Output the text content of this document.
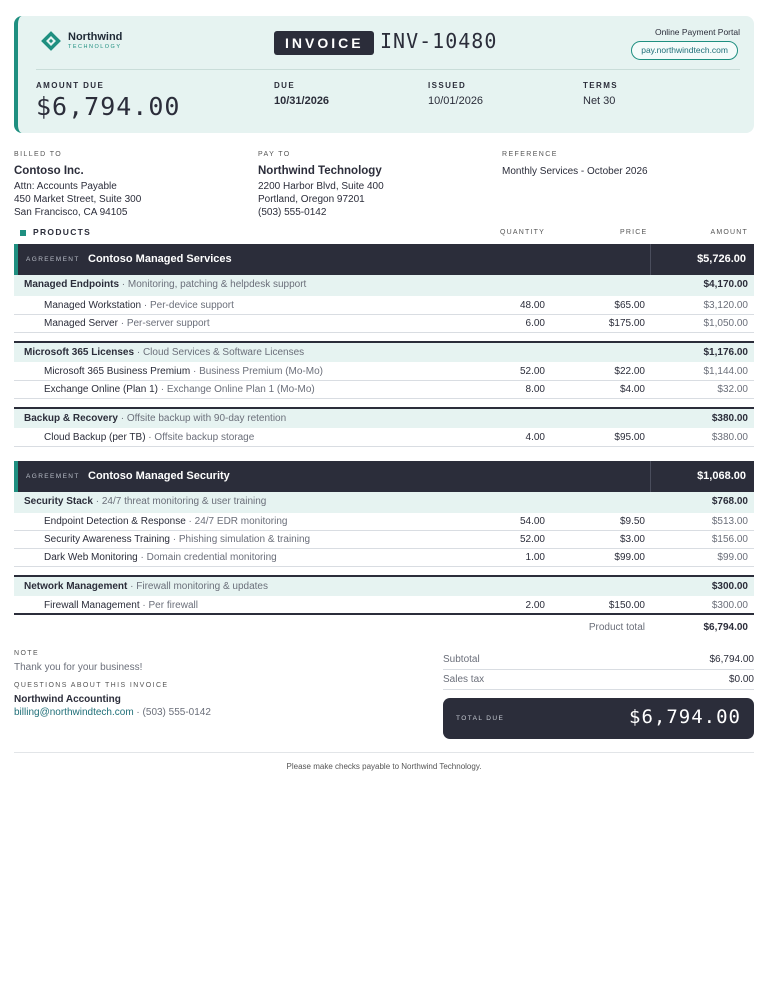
Northwind
TECHNOLOGY	INVOICE INV-10480	Online Payment Portal
pay.northwindtech.com
AMOUNT DUE
$6,794.00
DUE
10/31/2026
ISSUED
10/01/2026
TERMS
Net 30
BILLED TO
Contoso Inc.
Attn: Accounts Payable
450 Market Street, Suite 300
San Francisco, CA 94105
PAY TO
Northwind Technology
2200 Harbor Blvd, Suite 400
Portland, Oregon 97201
(503) 555-0142
REFERENCE
Monthly Services - October 2026
PRODUCTS	QUANTITY	PRICE	AMOUNT
AGREEMENT Contoso Managed Services	$5,726.00
Managed Endpoints · Monitoring, patching & helpdesk support	$4,170.00
Managed Workstation · Per-device support	48.00	$65.00	$3,120.00
Managed Server · Per-server support	6.00	$175.00	$1,050.00
Microsoft 365 Licenses · Cloud Services & Software Licenses	$1,176.00
Microsoft 365 Business Premium · Business Premium (Mo-Mo)	52.00	$22.00	$1,144.00
Exchange Online (Plan 1) · Exchange Online Plan 1 (Mo-Mo)	8.00	$4.00	$32.00
Backup & Recovery · Offsite backup with 90-day retention	$380.00
Cloud Backup (per TB) · Offsite backup storage	4.00	$95.00	$380.00
AGREEMENT Contoso Managed Security	$1,068.00
Security Stack · 24/7 threat monitoring & user training	$768.00
Endpoint Detection & Response · 24/7 EDR monitoring	54.00	$9.50	$513.00
Security Awareness Training · Phishing simulation & training	52.00	$3.00	$156.00
Dark Web Monitoring · Domain credential monitoring	1.00	$99.00	$99.00
Network Management · Firewall monitoring & updates	$300.00
Firewall Management · Per firewall	2.00	$150.00	$300.00
Product total	$6,794.00
NOTE
Thank you for your business!
QUESTIONS ABOUT THIS INVOICE
Northwind Accounting
billing@northwindtech.com · (503) 555-0142
Subtotal	$6,794.00
Sales tax	$0.00
TOTAL DUE	$6,794.00
Please make checks payable to Northwind Technology.
